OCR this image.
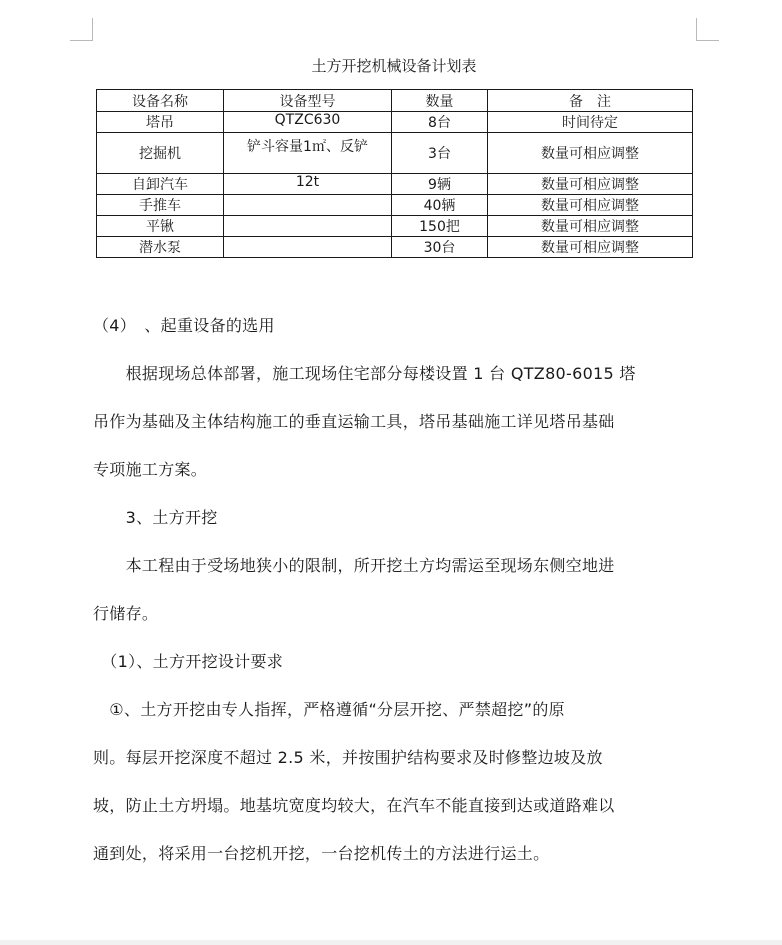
土方开挖机械设备计划表
设备名称	设备型号	数量	备　注
塔吊	QTZC630	8台	时间待定
挖掘机	铲斗容量1㎡、反铲	3台	数量可相应调整
自卸汽车	12t	9辆	数量可相应调整
手推车		40辆	数量可相应调整
平锹		150把	数量可相应调整
潜水泵		30台	数量可相应调整
（4）　、起重设备的选用
　　根据现场总体部署，施工现场住宅部分每楼设置 1 台 QTZ80-6015 塔
吊作为基础及主体结构施工的垂直运输工具，塔吊基础施工详见塔吊基础
专项施工方案。
　　3、土方开挖
　　本工程由于受场地狭小的限制，所开挖土方均需运至现场东侧空地进
行储存。
　（1）、土方开挖设计要求
　①、土方开挖由专人指挥，严格遵循“分层开挖、严禁超挖”的原
则。每层开挖深度不超过 2.5 米，并按围护结构要求及时修整边坡及放
坡，防止土方坍塌。地基坑宽度均较大，在汽车不能直接到达或道路难以
通到处，将采用一台挖机开挖，一台挖机传土的方法进行运土。
